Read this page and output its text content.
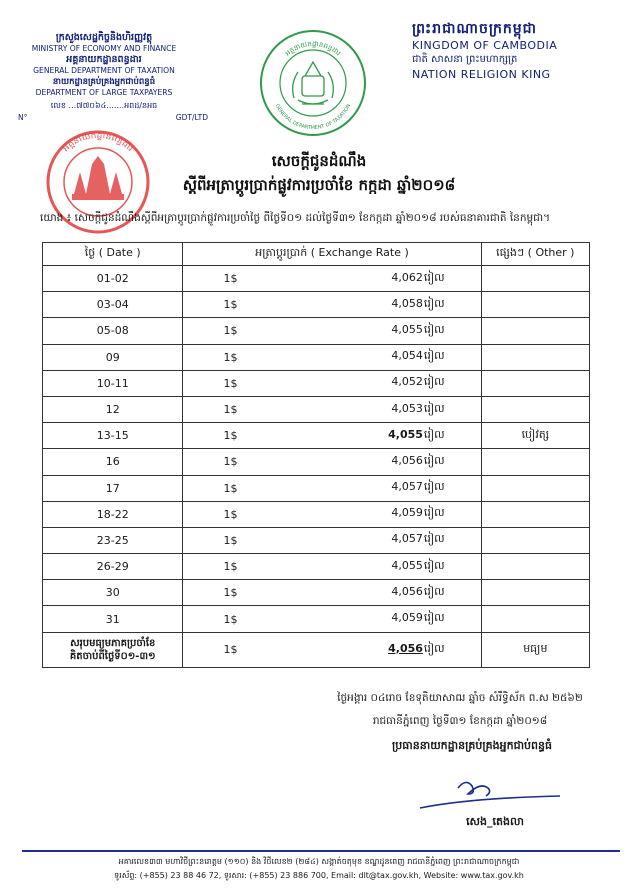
ក្រសួងសេដ្ឋកិច្ចនិងហិរញ្ញវត្ថុ
MINISTRY OF ECONOMY AND FINANCE
អគ្គនាយកដ្ឋានពន្ធដារ
GENERAL DEPARTMENT OF TAXATION
នាយកដ្ឋានគ្រប់គ្រងអ្នកជាប់ពន្ធធំ
DEPARTMENT OF LARGE TAXPAYERS
លេខ ...៧៧០៦៤.......អពដ/នអធ
N°	GDT/LTD
ព្រះរាជាណាចក្រកម្ពុជា
KINGDOM OF CAMBODIA
ជាតិ សាសនា ព្រះមហាក្សត្រ
NATION RELIGION KING
អគ្គនាយកដ្ឋានពន្ធដារ
GENERAL DEPARTMENT OF TAXATION
អគ្គនាយកដ្ឋានពន្ធដារ
សេចក្តីជូនដំណឹង
ស្តីពីអត្រាប្តូរប្រាក់ផ្លូវការប្រចាំខែ កក្កដា ឆ្នាំ២០១៨
យោង ៖ សេចក្តីជូនដំណឹងស្តីពីអត្រាប្តូរប្រាក់ផ្លូវការប្រចាំថ្ងៃ ពីថ្ងៃទី០១ ដល់ថ្ងៃទី៣១ ខែកក្កដា ឆ្នាំ២០១៨ របស់ធនាគារជាតិ នៃកម្ពុជា។
ថ្ងៃ ( Date )	អត្រាប្តូរប្រាក់ ( Exchange Rate )		ផ្សេងៗ ( Other )
01-02	1$	4,062រៀល	
03-04	1$	4,058រៀល	
05-08	1$	4,055រៀល	
09	1$	4,054រៀល	
10-11	1$	4,052រៀល	
12	1$	4,053រៀល	
13-15	1$	4,055រៀល	បៀវត្ស
16	1$	4,056រៀល	
17	1$	4,057រៀល	
18-22	1$	4,059រៀល	
23-25	1$	4,057រៀល	
26-29	1$	4,055រៀល	
30	1$	4,056រៀល	
31	1$	4,059រៀល	

សរុបមធ្យមភាគប្រចាំខែ
គិតចាប់ពីថ្ងៃទី០១-៣១	1$	4,056រៀល	មធ្យម
ថ្ងៃអង្គារ ០៤រោច ខែទុតិយាសាឍ ឆ្នាំច សំរឹទ្ធិស័ក ព.ស ២៥៦២
រាជធានីភ្នំពេញ ថ្ងៃទី៣១ ខែកក្កដា ឆ្នាំ២០១៨
ប្រធាននាយកដ្ឋានគ្រប់គ្រងអ្នកជាប់ពន្ធធំ
សេង_តេងលា
អគារលេខ៣៣ មហាវិថីព្រះនរោត្តម (១១០) និង វិថីលេខ២ (២៨៤) សង្កាត់ចតុមុខ ខណ្ឌដូនពេញ រាជធានីភ្នំពេញ ព្រះរាជាណាចក្រកម្ពុជា
ទូរស័ព្ទ: (+855) 23 88 46 72, ទូរសារ: (+855) 23 886 700, Email: dlt@tax.gov.kh, Website: www.tax.gov.kh
